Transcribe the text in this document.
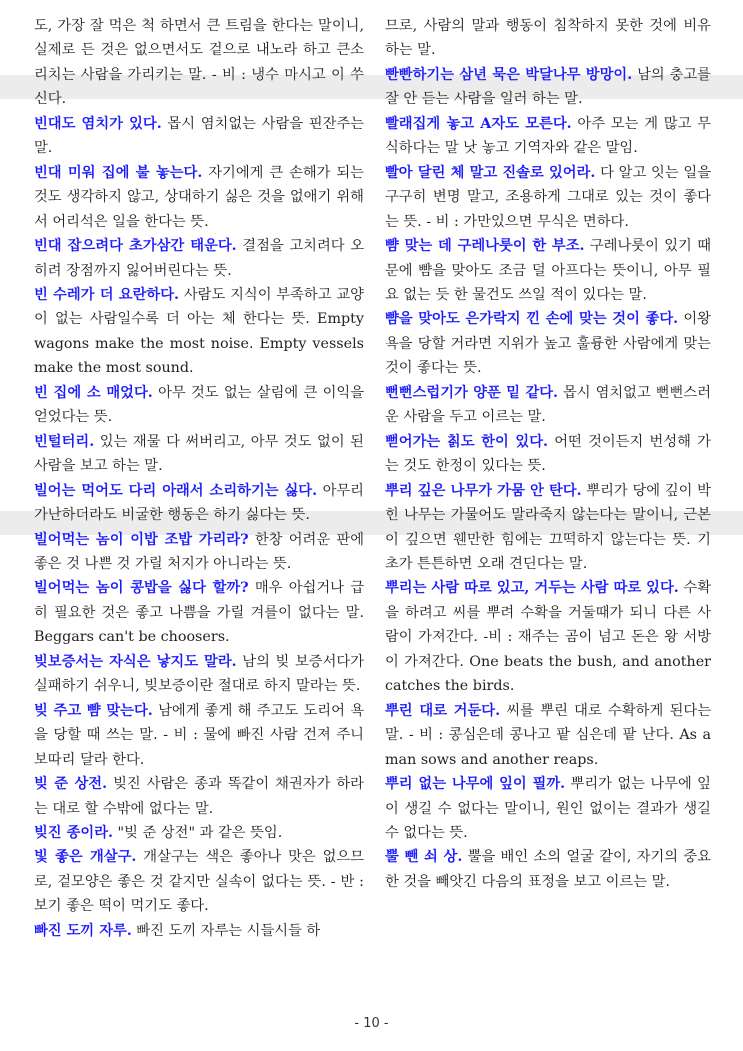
도, 가장 잘 먹은 척 하면서 큰 트림을 한다는 말이니, 실제로 든 것은 없으면서도 겉으로 내노라 하고 큰소리치는 사람을 가리키는 말. - 비 : 냉수 마시고 이 쑤신다.

빈대도 염치가 있다. 몹시 염치없는 사람을 핀잔주는 말.

빈대 미워 집에 불 놓는다. 자기에게 큰 손해가 되는 것도 생각하지 않고, 상대하기 싫은 것을 없애기 위해서 어리석은 일을 한다는 뜻.

빈대 잡으려다 초가삼간 태운다. 결점을 고치려다 오히려 장점까지 잃어버린다는 뜻.

빈 수레가 더 요란하다. 사람도 지식이 부족하고 교양이 없는 사람일수록 더 아는 체 한다는 뜻. Empty wagons make the most noise. Empty vessels make the most sound.

빈 집에 소 매었다. 아무 것도 없는 살림에 큰 이익을 얻었다는 뜻.

빈털터리. 있는 재물 다 써버리고, 아무 것도 없이 된 사람을 보고 하는 말.

빌어는 먹어도 다리 아래서 소리하기는 싫다. 아무리 가난하더라도 비굴한 행동은 하기 싫다는 뜻.

빌어먹는 놈이 이밥 조밥 가리라? 한창 어려운 판에 좋은 것 나쁜 것 가릴 처지가 아니라는 뜻.

빌어먹는 놈이 콩밥을 싫다 할까? 매우 아쉽거나 급히 필요한 것은 좋고 나쁨을 가릴 겨를이 없다는 말. Beggars can't be choosers.

빚보증서는 자식은 낳지도 말라. 남의 빚 보증서다가 실패하기 쉬우니, 빚보증이란 절대로 하지 말라는 뜻.

빚 주고 뺨 맞는다. 남에게 좋게 해 주고도 도리어 욕을 당할 때 쓰는 말. - 비 : 물에 빠진 사람 건져 주니 보따리 달라 한다.

빚 준 상전. 빚진 사람은 종과 똑같이 채권자가 하라는 대로 할 수밖에 없다는 말.

빚진 종이라. "빚 준 상전" 과 같은 뜻임.

빛 좋은 개살구. 개살구는 색은 좋아나 맛은 없으므로, 겉모양은 좋은 것 같지만 실속이 없다는 뜻. - 반 : 보기 좋은 떡이 먹기도 좋다.

빠진 도끼 자루. 빠진 도끼 자루는 시들시들 하

므로, 사람의 말과 행동이 침착하지 못한 것에 비유하는 말.

빤빤하기는 삼년 묵은 박달나무 방망이. 남의 충고를 잘 안 듣는 사람을 일러 하는 말.

빨래집게 놓고 A자도 모른다. 아주 모는 게 많고 무식하다는 말 낫 놓고 기역자와 같은 말임.

빨아 달린 체 말고 진솔로 있어라. 다 알고 잇는 일을 구구히 변명 말고, 조용하게 그대로 있는 것이 좋다는 뜻. - 비 : 가만있으면 무식은 면하다.

뺨 맞는 데 구레나룻이 한 부조. 구레나룻이 있기 때문에 뺨을 맞아도 조금 덜 아프다는 뜻이니, 아무 필요 없는 듯 한 물건도 쓰일 적이 있다는 말.

뺨을 맞아도 은가락지 낀 손에 맞는 것이 좋다. 이왕 욕을 당할 거라면 지위가 높고 훌륭한 사람에게 맞는 것이 좋다는 뜻.

뻔뻔스럽기가 양푼 밑 같다. 몹시 염치없고 뻔뻔스러운 사람을 두고 이르는 말.

뻗어가는 칡도 한이 있다. 어떤 것이든지 번성해 가는 것도 한정이 있다는 뜻.

뿌리 깊은 나무가 가뭄 안 탄다. 뿌리가 당에 깊이 박힌 나무는 가물어도 말라죽지 않는다는 말이니, 근본이 깊으면 웬만한 힘에는 끄떡하지 않는다는 뜻. 기초가 튼튼하면 오래 견딘다는 말.

뿌리는 사람 따로 있고, 거두는 사람 따로 있다. 수확을 하려고 씨를 뿌려 수확을 거둘때가 되니 다른 사람이 가져간다. -비 : 재주는 곰이 넘고 돈은 왕 서방이 가져간다. One beats the bush, and another catches the birds.

뿌린 대로 거둔다. 씨를 뿌린 대로 수확하게 된다는 말. - 비 : 콩심은데 콩나고 팥 심은데 팥 난다. As a man sows and another reaps.

뿌리 없는 나무에 잎이 필까. 뿌리가 없는 나무에 잎이 생길 수 없다는 말이니, 원인 없이는 결과가 생길 수 없다는 뜻.

뿔 뺀 쇠 상. 뿔을 배인 소의 얼굴 같이, 자기의 중요한 것을 빼앗긴 다음의 표정을 보고 이르는 말.

- 10 -
